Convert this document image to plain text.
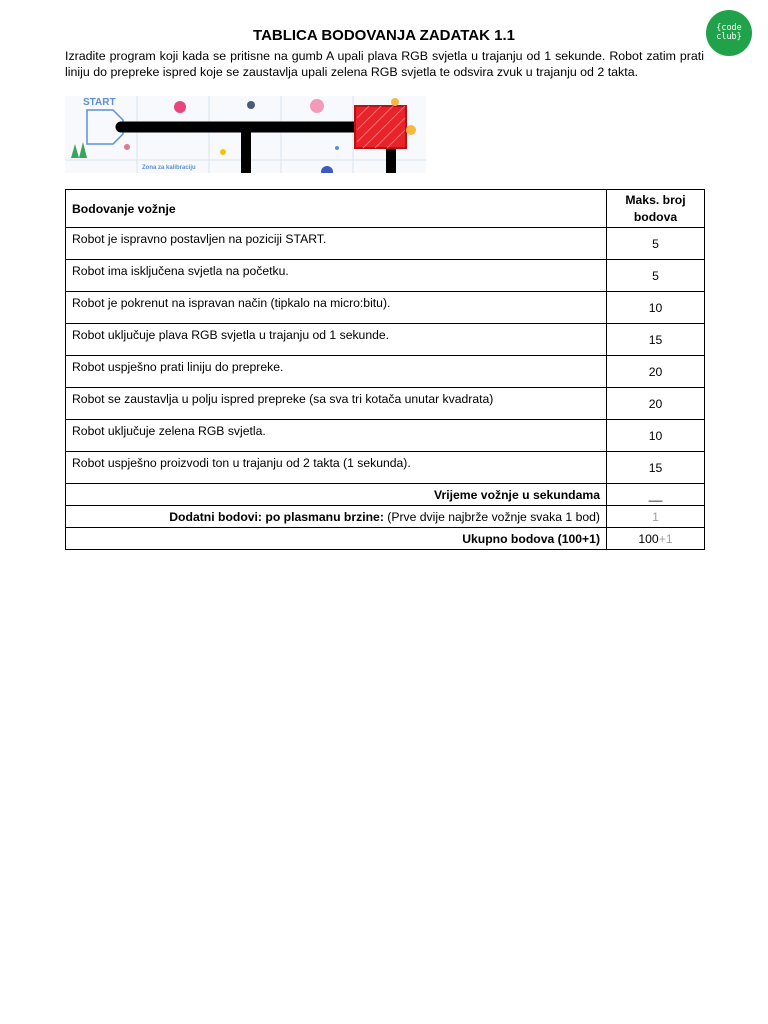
{code
club}
TABLICA BODOVANJA ZADATAK 1.1
Izradite program koji kada se pritisne na gumb A upali plava RGB svjetla u trajanju od 1 sekunde. Robot zatim prati liniju do prepreke ispred koje se zaustavlja upali zelena RGB svjetla te odsvira zvuk u trajanju od 2 takta.
START
Zona za kalibraciju
Bodovanje vožnje	Maks. broj bodova
Robot je ispravno postavljen na poziciji START.	5
Robot ima isključena svjetla na početku.	5
Robot je pokrenut na ispravan način (tipkalo na micro:bitu).	10
Robot uključuje plava RGB svjetla u trajanju od 1 sekunde.	15
Robot uspješno prati liniju do prepreke.	20
Robot se zaustavlja u polju ispred prepreke (sa sva tri kotača unutar kvadrata)	20
Robot uključuje zelena RGB svjetla.	10
Robot uspješno proizvodi ton u trajanju od 2 takta (1 sekunda).	15
Vrijeme vožnje u sekundama	__
Dodatni bodovi: po plasmanu brzine: (Prve dvije najbrže vožnje svaka 1 bod)	1
Ukupno bodova (100+1)	100+1
